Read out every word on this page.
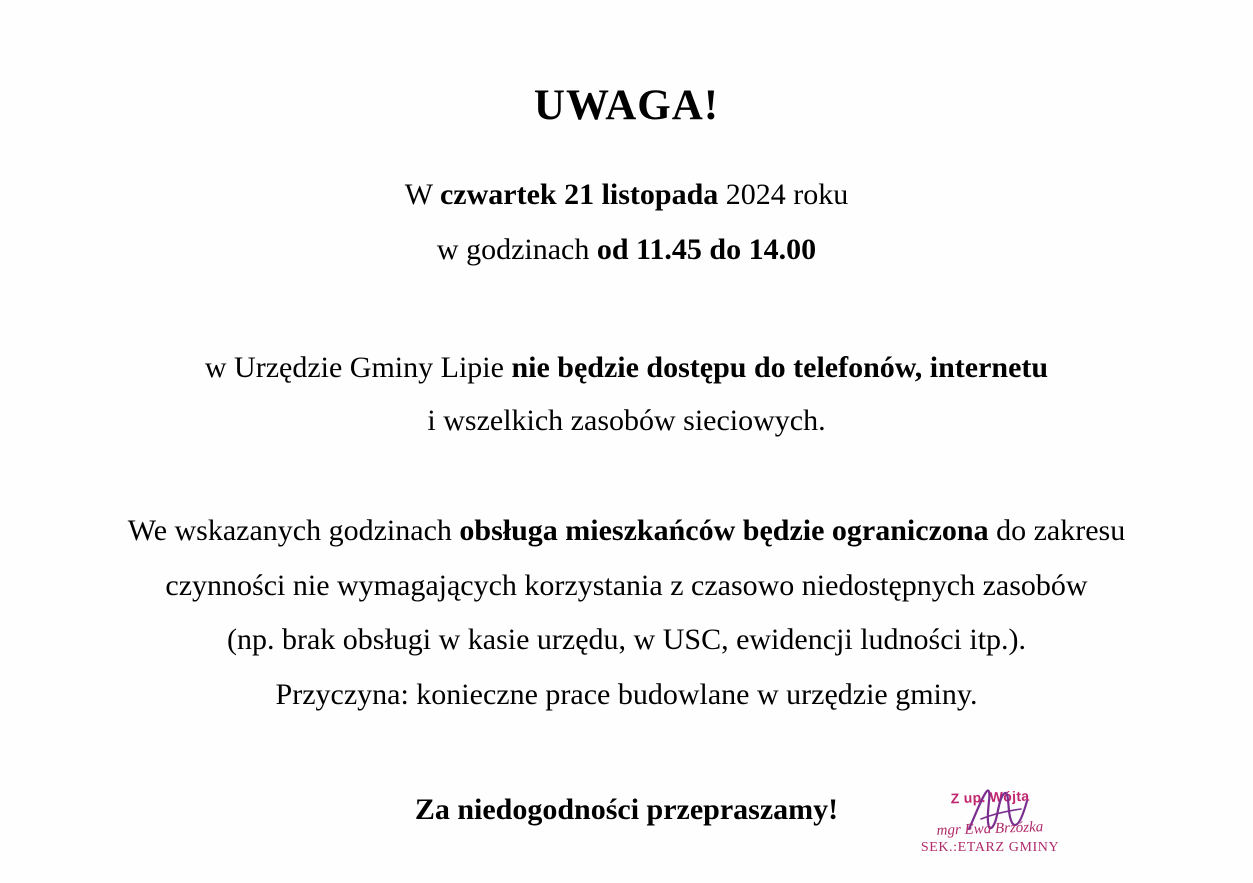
UWAGA!

W czwartek 21 listopada 2024 roku

w godzinach od 11.45 do 14.00

w Urzędzie Gminy Lipie nie będzie dostępu do telefonów, internetu

i wszelkich zasobów sieciowych.

We wskazanych godzinach obsługa mieszkańców będzie ograniczona do zakresu

czynności nie wymagających korzystania z czasowo niedostępnych zasobów

(np. brak obsługi w kasie urzędu, w USC, ewidencji ludności itp.).

Przyczyna: konieczne prace budowlane w urzędzie gminy.

Za niedogodności przepraszamy!	Z up. Wójta
mgr Ewa Brzózka
SEK.:ETARZ GMINY
